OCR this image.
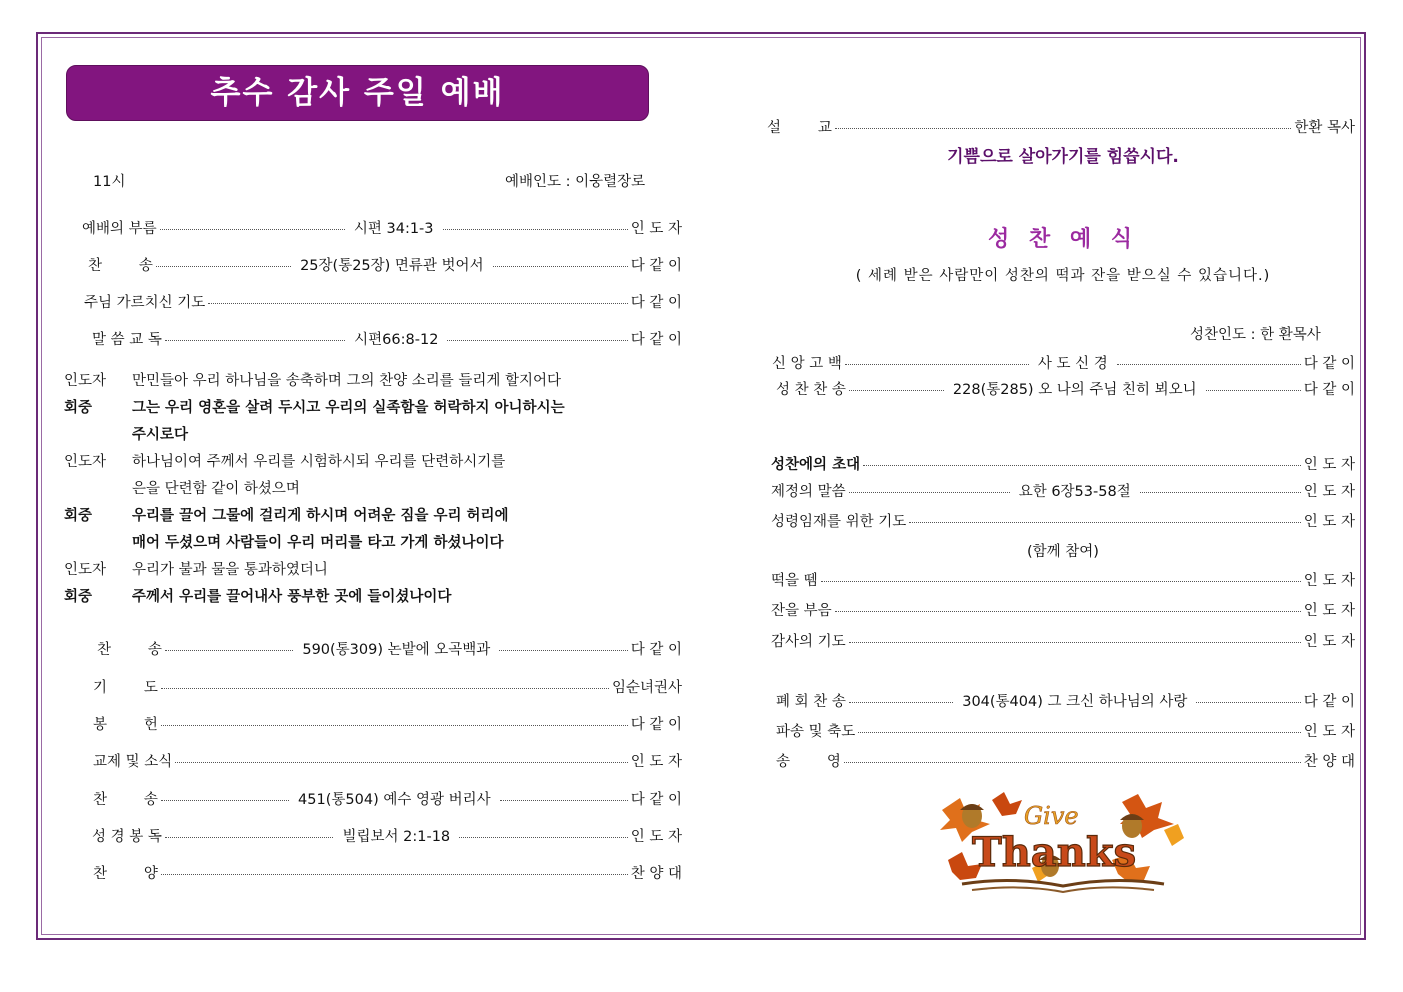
추수 감사 주일 예배
11시	예배인도 : 이웅렬장로
예배의 부름	시편 34:1-3	인 도 자
찬        송	25장(통25장) 면류관 벗어서	다 같 이
주님 가르치신 기도	다 같 이
말 씀 교 독	시편66:8-12	다 같 이
인도자 만민들아 우리 하나님을 송축하며 그의 찬양 소리를 들리게 할지어다
회중	그는 우리 영혼을 살려 두시고 우리의 실족함을 허락하지 아니하시는
주시로다
인도자 하나님이여 주께서 우리를 시험하시되 우리를 단련하시기를
은을 단련함 같이 하셨으며
회중	우리를 끌어 그물에 걸리게 하시며 어려운 짐을 우리 허리에
매어 두셨으며 사람들이 우리 머리를 타고 가게 하셨나이다
인도자 우리가 불과 물을 통과하였더니
회중	주께서 우리를 끌어내사 풍부한 곳에 들이셨나이다
찬        송	590(통309) 논밭에 오곡백과	다 같 이
기        도	임순녀권사
봉        헌	다 같 이
교제 및 소식	인 도 자
찬        송	451(통504) 예수 영광 버리사	다 같 이
성 경 봉 독	빌립보서 2:1-18	인 도 자
찬        양	찬 양 대
설        교	한환 목사
기쁨으로 살아가기를 힘씁시다.
성 찬 예 식
( 세례 받은 사람만이 성찬의 떡과 잔을 받으실 수 있습니다.)
성찬인도 : 한 환목사
신 앙 고 백	사 도 신 경	다 같 이
성 찬 찬 송	228(통285) 오 나의 주님 친히 뵈오니	다 같 이
성찬에의 초대	인 도 자
제정의 말씀	요한 6장53-58절	인 도 자
성령임재를 위한 기도	인 도 자
(함께 참여)
떡을 뗌	인 도 자
잔을 부음	인 도 자
감사의 기도	인 도 자
폐 회 찬 송	304(통404) 그 크신 하나님의 사랑	다 같 이
파송 및 축도	인 도 자
송        영	찬 양 대
Give
Thanks
